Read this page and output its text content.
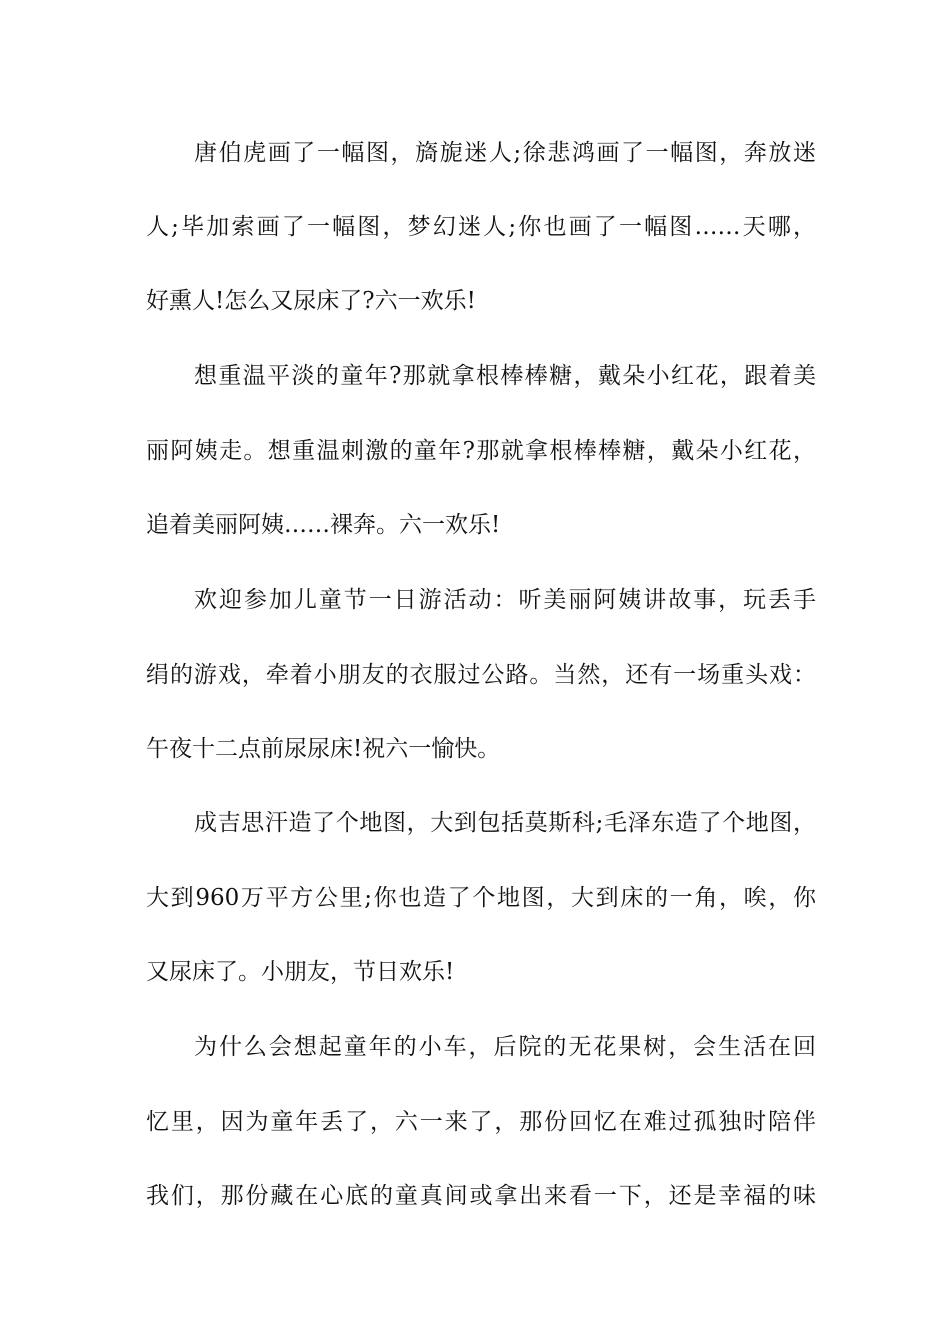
唐伯虎画了一幅图，旖旎迷人;徐悲鸿画了一幅图，奔放迷
人;毕加索画了一幅图，梦幻迷人;你也画了一幅图……天哪，
好熏人!怎么又尿床了?六一欢乐!
想重温平淡的童年?那就拿根棒棒糖，戴朵小红花，跟着美
丽阿姨走。想重温刺激的童年?那就拿根棒棒糖，戴朵小红花，
追着美丽阿姨……裸奔。六一欢乐!
欢迎参加儿童节一日游活动：听美丽阿姨讲故事，玩丢手
绢的游戏，牵着小朋友的衣服过公路。当然，还有一场重头戏：
午夜十二点前尿尿床!祝六一愉快。
成吉思汗造了个地图，大到包括莫斯科;毛泽东造了个地图，
大到960万平方公里;你也造了个地图，大到床的一角，唉，你
又尿床了。小朋友，节日欢乐!
为什么会想起童年的小车，后院的无花果树，会生活在回
忆里，因为童年丢了，六一来了，那份回忆在难过孤独时陪伴
我们，那份藏在心底的童真间或拿出来看一下，还是幸福的味
